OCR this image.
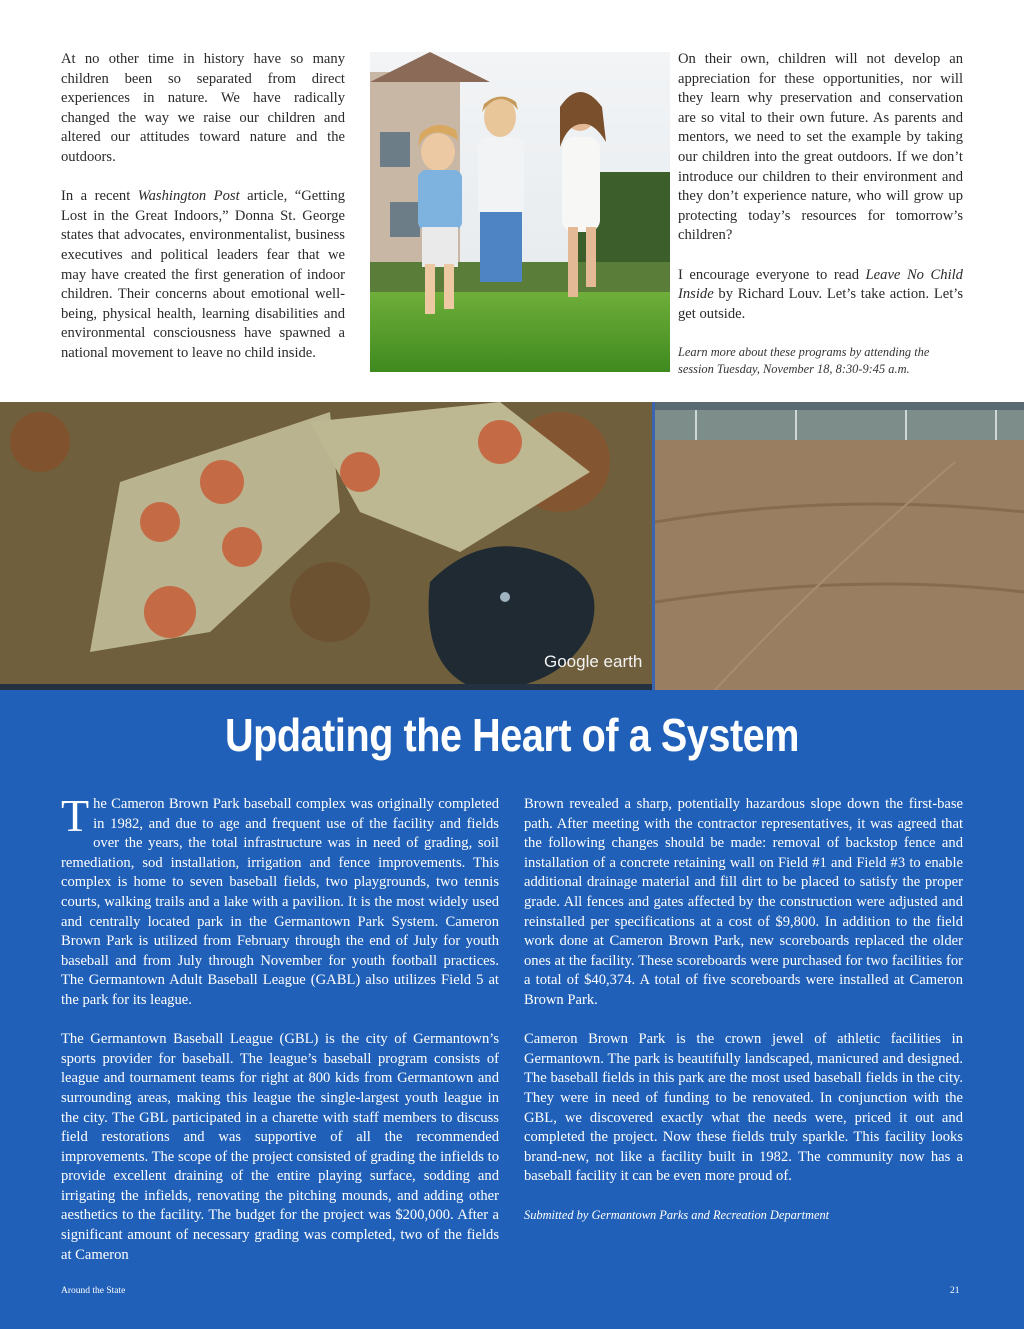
At no other time in history have so many children been so separated from direct experiences in nature. We have radically changed the way we raise our children and altered our attitudes toward nature and the outdoors.

In a recent Washington Post article, “Getting Lost in the Great Indoors,” Donna St. George states that advocates, environmentalist, business executives and political leaders fear that we may have created the first generation of indoor children. Their concerns about emotional well-being, physical health, learning disabilities and environmental consciousness have spawned a national movement to leave no child inside.

On their own, children will not develop an appreciation for these opportunities, nor will they learn why preservation and conservation are so vital to their own future. As parents and mentors, we need to set the example by taking our children into the great outdoors. If we don’t introduce our children to their environment and they don’t experience nature, who will grow up protecting today’s resources for tomorrow’s children?

I encourage everyone to read Leave No Child Inside by Richard Louv. Let’s take action. Let’s get outside.

Learn more about these programs by attending the session Tuesday, November 18, 8:30-9:45 a.m.

Google earth
Updating the Heart of a System

The Cameron Brown Park baseball complex was originally completed in 1982, and due to age and frequent use of the facility and fields over the years, the total infrastructure was in need of grading, soil remediation, sod installation, irrigation and fence improvements. This complex is home to seven baseball fields, two playgrounds, two tennis courts, walking trails and a lake with a pavilion. It is the most widely used and centrally located park in the Germantown Park System. Cameron Brown Park is utilized from February through the end of July for youth baseball and from July through November for youth football practices. The Germantown Adult Baseball League (GABL) also utilizes Field 5 at the park for its league.

The Germantown Baseball League (GBL) is the city of Germantown’s sports provider for baseball. The league’s baseball program consists of league and tournament teams for right at 800 kids from Germantown and surrounding areas, making this league the single-largest youth league in the city. The GBL participated in a charette with staff members to discuss field restorations and was supportive of all the recommended improvements. The scope of the project consisted of grading the infields to provide excellent draining of the entire playing surface, sodding and irrigating the infields, renovating the pitching mounds, and adding other aesthetics to the facility. The budget for the project was $200,000. After a significant amount of necessary grading was completed, two of the fields at Cameron

Brown revealed a sharp, potentially hazardous slope down the first-base path. After meeting with the contractor representatives, it was agreed that the following changes should be made: removal of backstop fence and installation of a concrete retaining wall on Field #1 and Field #3 to enable additional drainage material and fill dirt to be placed to satisfy the proper grade. All fences and gates affected by the construction were adjusted and reinstalled per specifications at a cost of $9,800. In addition to the field work done at Cameron Brown Park, new scoreboards replaced the older ones at the facility. These scoreboards were purchased for two facilities for a total of $40,374. A total of five scoreboards were installed at Cameron Brown Park.

Cameron Brown Park is the crown jewel of athletic facilities in Germantown. The park is beautifully landscaped, manicured and designed. The baseball fields in this park are the most used baseball fields in the city. They were in need of funding to be renovated. In conjunction with the GBL, we discovered exactly what the needs were, priced it out and completed the project. Now these fields truly sparkle. This facility looks brand-new, not like a facility built in 1982. The community now has a baseball facility it can be even more proud of.

Submitted by Germantown Parks and Recreation Department

Around the State	21
